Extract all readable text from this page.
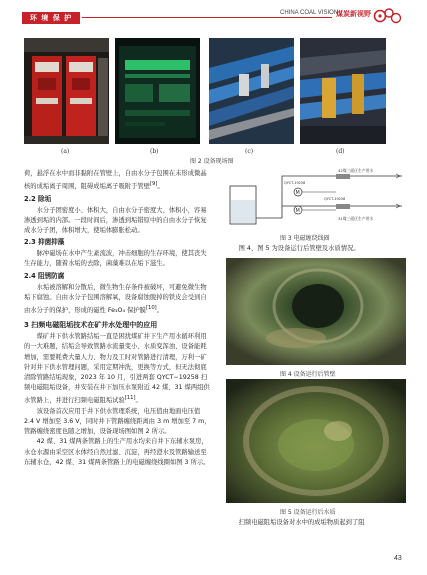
环 境 保 护
CHINA COAL VISION
煤炭新视野
(a)	(b)	(c)	(d)
图 2 设备现场图

荷，悬浮在水中而非黏附在管壁上，自由水分子包围在未形成微晶核的成垢离子周围，阻碍成垢离子吸附于管壁[9]。

2.2 除垢

水分子团密度小、体积大，自由水分子密度大、体积小，容易渗透到垢的内部。一段时间后，渗透到垢错原中的自由水分子恢复成水分子团，体积增大，使垢体膨胀松动。

2.3 抑菌抑藻

脉冲磁场在水中产生紊流波，冲击细胞的生存环境，使其丧失生存能力，随着水垢的去除，菌藻难以在垢下滋生。

2.4 阻锈防腐

水垢被溶解和分散后，微生物生存条件被破坏，可避免微生物垢下腐蚀。自由水分子包围溶解氧，设备腐蚀脱掉的铁皮会受到自由水分子的保护，形成的磁性 Fe₃O₄ 保护膜[10]。

3 扫频电磁阻垢技术在矿井水处理中的应用

煤矿井下供水管路结垢一直是困扰煤矿井下生产用水循环利用的一大难题，结垢会导致管路水流量变小、水质变浑浊、设备能耗增加，需要耗费大量人力、物力及工时对管路进行清理，万利一矿针对井下供水管理问题，采用定期冲洗，更换等方式，但无法彻底清除管路结垢现象，2023 年 10 月，引进两套 QYCT−19258 扫频电磁阻垢设备，并安装在井下加压水泵附近 42 煤、31 煤两组供水管路上，并进行扫频电磁阻垢试验[11]。

该设备首次应用于井下供水管理系统，电压值由地面电压值 2.4 V 增加至 3.6 V，同时井下管路缠绕距离由 3 m 增加至 7 m，管路缠绕密度也随之增加，设备现场图如图 2 所示。

42 煤、31 煤两条管路上的生产用水均来自井下东辅水泵房，水仓水源由采空区水体经自然过滤、沉淀，再经澄水及管路输送至东辅水仓，42 煤、31 煤两条管路上的电磁缠绕线圈如图 3 所示。

M
M
QYCT-19258
QYCT-19258
42煤三面区生产用水
31煤三面区生产用水
图 3 电磁缠绕线圈

图 4、图 5 为设备运行后管壁及水质情况。

图 4 设备运行后管壁
图 5 设备运行后水质

扫频电磁阻垢设备对水中的成垢物质起到了阻

43
